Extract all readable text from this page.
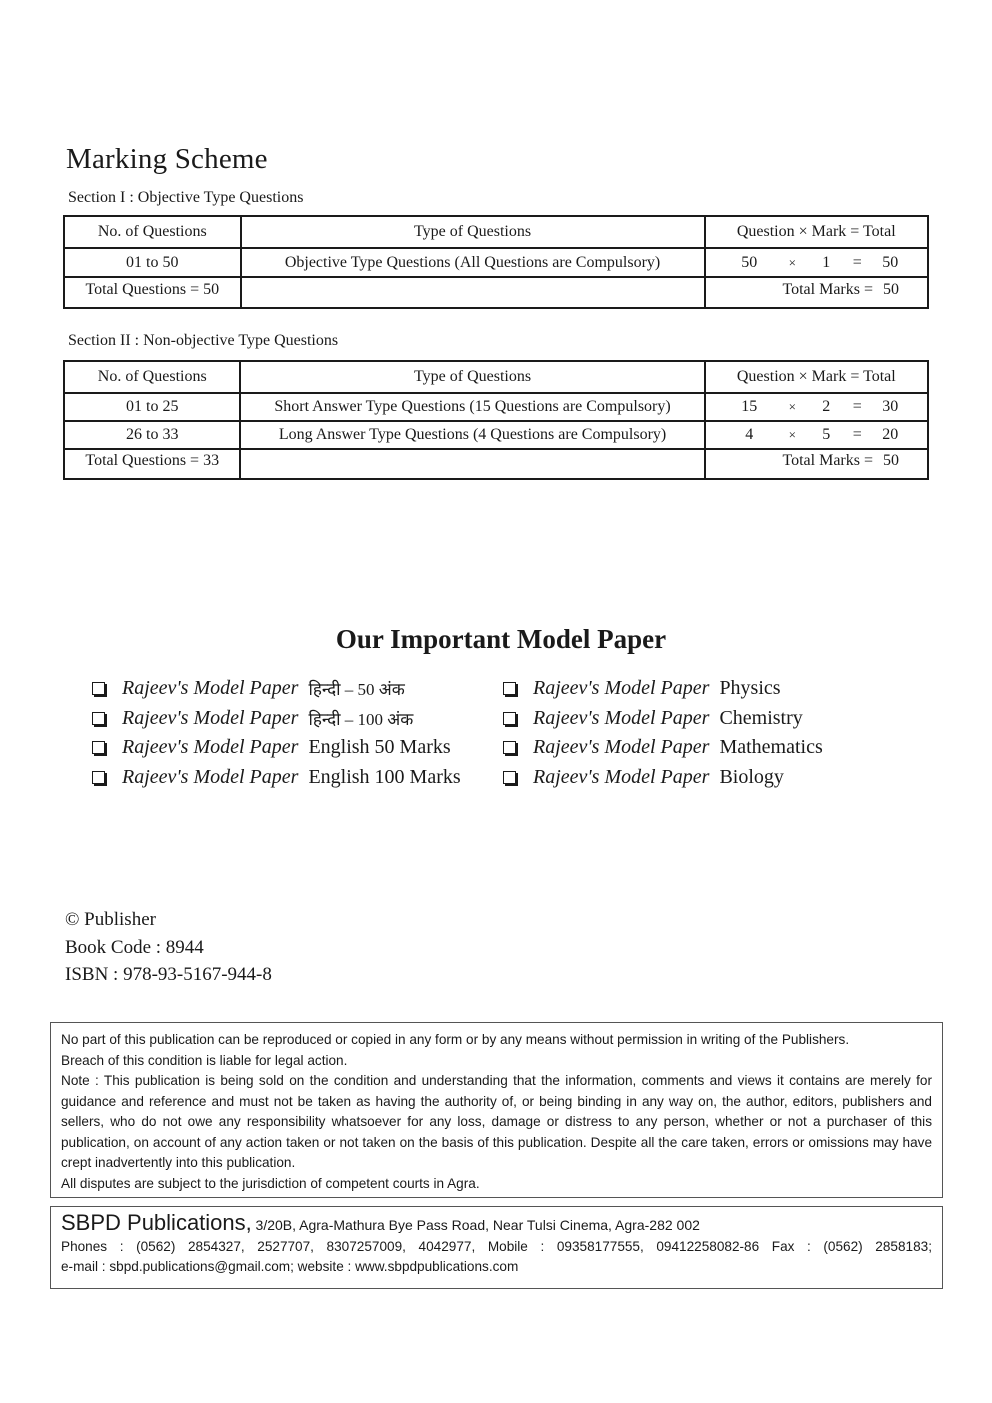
Marking Scheme
Section I : Objective Type Questions
No. of Questions	Type of Questions	Question × Mark = Total
01 to 50	Objective Type Questions (All Questions are Compulsory)	50 × 1 = 50

Total Questions = 50		Total Marks = 50
Section II : Non-objective Type Questions
No. of Questions	Type of Questions	Question × Mark = Total
01 to 25	Short Answer Type Questions (15 Questions are Compulsory)	15 × 2 = 30

26 to 33	Long Answer Type Questions (4 Questions are Compulsory)	4 × 5 = 20

Total Questions = 33		Total Marks = 50
Our Important Model Paper
Rajeev's Model Paper हिन्दी – 50 अंक
Rajeev's Model Paper हिन्दी – 100 अंक
Rajeev's Model Paper English 50 Marks
Rajeev's Model Paper English 100 Marks
Rajeev's Model Paper Physics
Rajeev's Model Paper Chemistry
Rajeev's Model Paper Mathematics
Rajeev's Model Paper Biology
© Publisher
Book Code : 8944
ISBN : 978-93-5167-944-8

No part of this publication can be reproduced or copied in any form or by any means without permission in writing of the Publishers.

Breach of this condition is liable for legal action.

Note : This publication is being sold on the condition and understanding that the information, comments and views it contains are merely for guidance and reference and must not be taken as having the authority of, or being binding in any way on, the author, editors, publishers and sellers, who do not owe any responsibility whatsoever for any loss, damage or distress to any person, whether or not a purchaser of this publication, on account of any action taken or not taken on the basis of this publication. Despite all the care taken, errors or omissions may have crept inadvertently into this publication.

All disputes are subject to the jurisdiction of competent courts in Agra.

SBPD Publications, 3/20B, Agra-Mathura Bye Pass Road, Near Tulsi Cinema, Agra-282 002

Phones : (0562) 2854327, 2527707, 8307257009, 4042977, Mobile : 09358177555, 09412258082-86 Fax : (0562) 2858183;

e-mail : sbpd.publications@gmail.com; website : www.sbpdpublications.com
